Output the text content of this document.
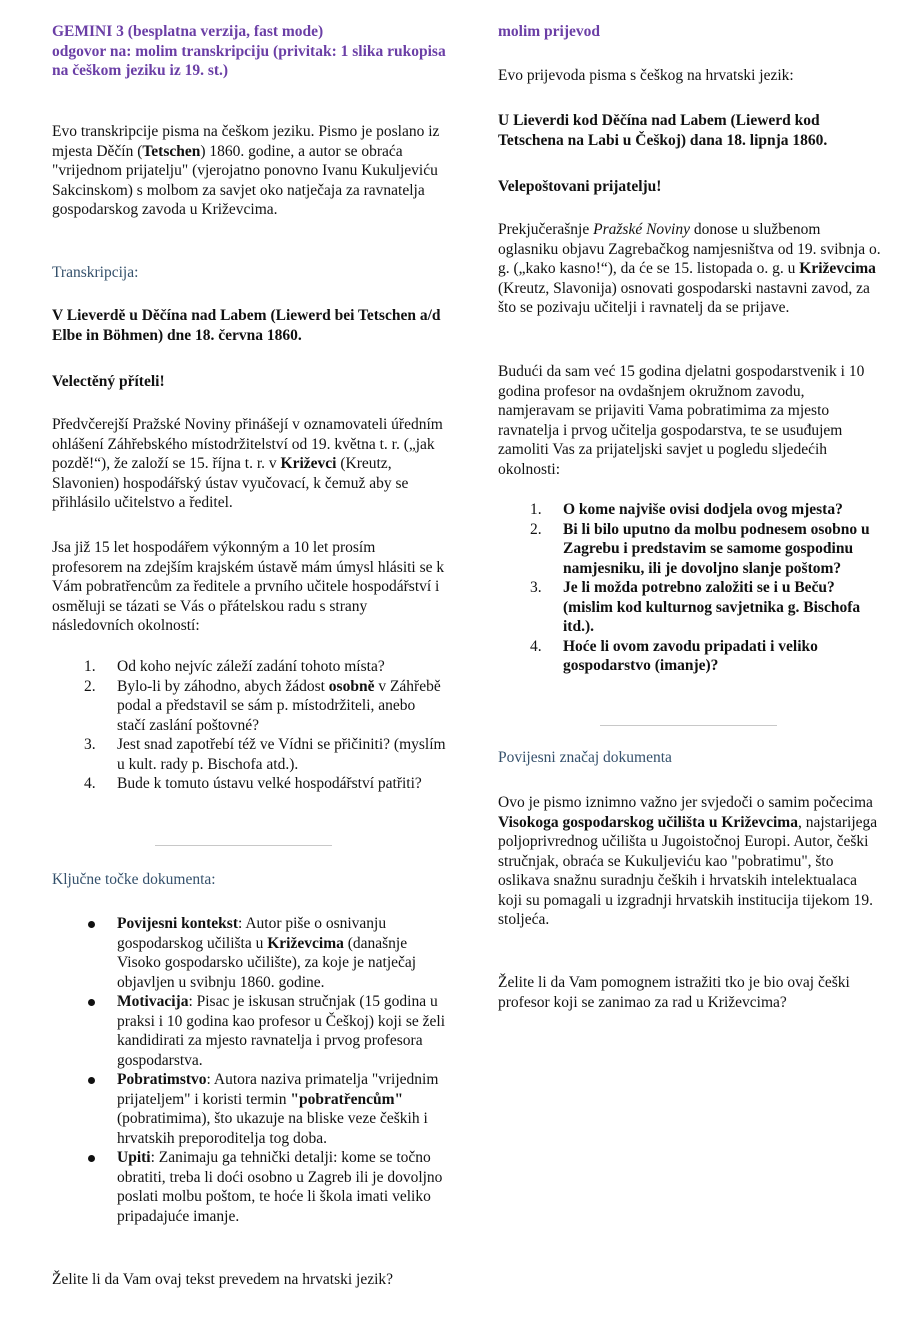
GEMINI 3 (besplatna verzija, fast mode)

odgovor na: molim transkripciju (privitak: 1 slika rukopisa na češkom jeziku iz 19. st.)

Evo transkripcije pisma na češkom jeziku. Pismo je poslano iz mjesta Děčín (Tetschen) 1860. godine, a autor se obraća "vrijednom prijatelju" (vjerojatno ponovno Ivanu Kukuljeviću Sakcinskom) s molbom za savjet oko natječaja za ravnatelja gospodarskog zavoda u Križevcima.

Transkripcija:

V Lieverdě u Děčína nad Labem (Liewerd bei Tetschen a/d Elbe in Böhmen) dne 18. června 1860.

Velectěný příteli!

Předvčerejší Pražské Noviny přinášejí v oznamovateli úředním ohlášení Záhřebského místodržitelství od 19. května t. r. („jak pozdě!“), že založí se 15. října t. r. v Križevci (Kreutz, Slavonien) hospodářský ústav vyučovací, k čemuž aby se přihlásilo učitelstvo a ředitel.

Jsa již 15 let hospodářem výkonným a 10 let prosím profesorem na zdejším krajském ústavě mám úmysl hlásiti se k Vám pobratřencům za ředitele a prvního učitele hospodářství i osměluji se tázati se Vás o přátelskou radu s strany následovních okolností:

1. Od koho nejvíc záleží zadání tohoto místa?
2. Bylo-li by záhodno, abych žádost osobně v Záhřebě podal a představil se sám p. místodržiteli, anebo stačí zaslání poštovné?
3. Jest snad zapotřebí též ve Vídni se přičiniti? (myslím u kult. rady p. Bischofa atd.).
4. Bude k tomuto ústavu velké hospodářství patřiti?

Ključne točke dokumenta:

Povijesni kontekst: Autor piše o osnivanju gospodarskog učilišta u Križevcima (današnje Visoko gospodarsko učilište), za koje je natječaj objavljen u svibnju 1860. godine.
Motivacija: Pisac je iskusan stručnjak (15 godina u praksi i 10 godina kao profesor u Češkoj) koji se želi kandidirati za mjesto ravnatelja i prvog profesora gospodarstva.
Pobratimstvo: Autora naziva primatelja "vrijednim prijateljem" i koristi termin "pobratřencům" (pobratimima), što ukazuje na bliske veze čeških i hrvatskih preporoditelja tog doba.
Upiti: Zanimaju ga tehnički detalji: kome se točno obratiti, treba li doći osobno u Zagreb ili je dovoljno poslati molbu poštom, te hoće li škola imati veliko pripadajuće imanje.

Želite li da Vam ovaj tekst prevedem na hrvatski jezik?

molim prijevod

Evo prijevoda pisma s češkog na hrvatski jezik:

U Lieverdi kod Děčína nad Labem (Liewerd kod Tetschena na Labi u Češkoj) dana 18. lipnja 1860.

Velepoštovani prijatelju!

Prekjučerašnje Pražské Noviny donose u službenom oglasniku objavu Zagrebačkog namjesništva od 19. svibnja o. g. („kako kasno!“), da će se 15. listopada o. g. u Križevcima (Kreutz, Slavonija) osnovati gospodarski nastavni zavod, za što se pozivaju učitelji i ravnatelj da se prijave.

Budući da sam već 15 godina djelatni gospodarstvenik i 10 godina profesor na ovdašnjem okružnom zavodu, namjeravam se prijaviti Vama pobratimima za mjesto ravnatelja i prvog učitelja gospodarstva, te se usuđujem zamoliti Vas za prijateljski savjet u pogledu sljedećih okolnosti:

1. O kome najviše ovisi dodjela ovog mjesta?
2. Bi li bilo uputno da molbu podnesem osobno u Zagrebu i predstavim se samome gospodinu namjesniku, ili je dovoljno slanje poštom?
3. Je li možda potrebno založiti se i u Beču? (mislim kod kulturnog savjetnika g. Bischofa itd.).
4. Hoće li ovom zavodu pripadati i veliko gospodarstvo (imanje)?

Povijesni značaj dokumenta

Ovo je pismo iznimno važno jer svjedoči o samim počecima Visokoga gospodarskog učilišta u Križevcima, najstarijega poljoprivrednog učilišta u Jugoistočnoj Europi. Autor, češki stručnjak, obraća se Kukuljeviću kao "pobratimu", što oslikava snažnu suradnju čeških i hrvatskih intelektualaca koji su pomagali u izgradnji hrvatskih institucija tijekom 19. stoljeća.

Želite li da Vam pomognem istražiti tko je bio ovaj češki profesor koji se zanimao za rad u Križevcima?
